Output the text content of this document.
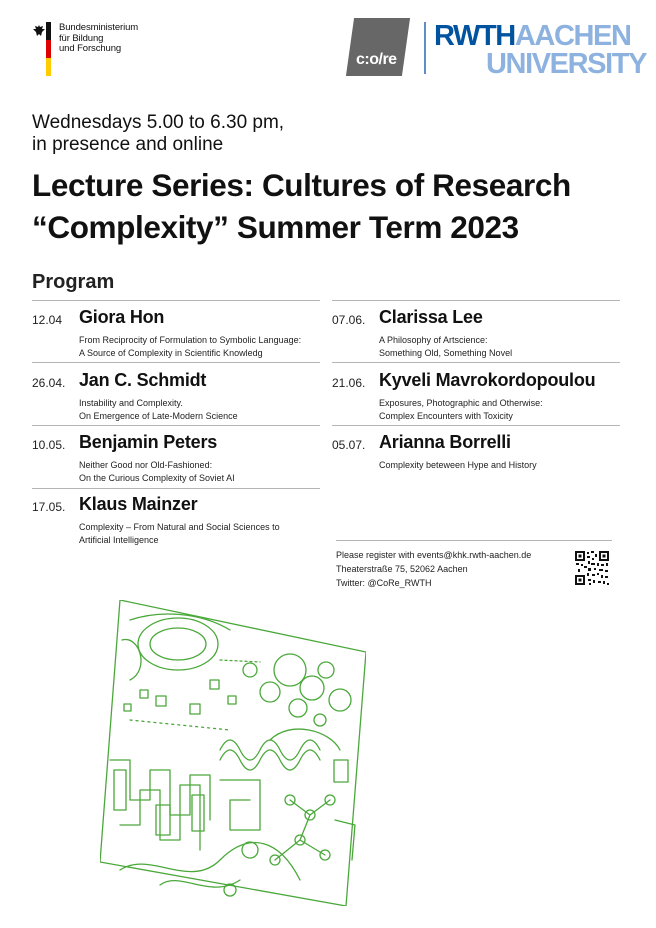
Bundesministerium
für Bildung
und Forschung
c:o/re
RWTHAACHEN
UNIVERSITY
Wednesdays 5.00 to 6.30 pm,
in presence and online
Lecture Series: Cultures of Research
“Complexity” Summer Term 2023
Program
12.04 Giora Hon
From Reciprocity of Formulation to Symbolic Language:
A Source of Complexity in Scientific Knowledg
26.04. Jan C. Schmidt
Instability and Complexity.
On Emergence of Late-Modern Science
10.05. Benjamin Peters
Neither Good nor Old-Fashioned:
On the Curious Complexity of Soviet AI
17.05. Klaus Mainzer
Complexity – From Natural and Social Sciences to
Artificial Intelligence
07.06. Clarissa Lee
A Philosophy of Artscience:
Something Old, Something Novel
21.06. Kyveli Mavrokordopoulou
Exposures, Photographic and Otherwise:
Complex Encounters with Toxicity
05.07. Arianna Borrelli
Complexity beteween Hype and History
Please register with events@khk.rwth-aachen.de
Theaterstraße 75, 52062 Aachen
Twitter: @CoRe_RWTH
